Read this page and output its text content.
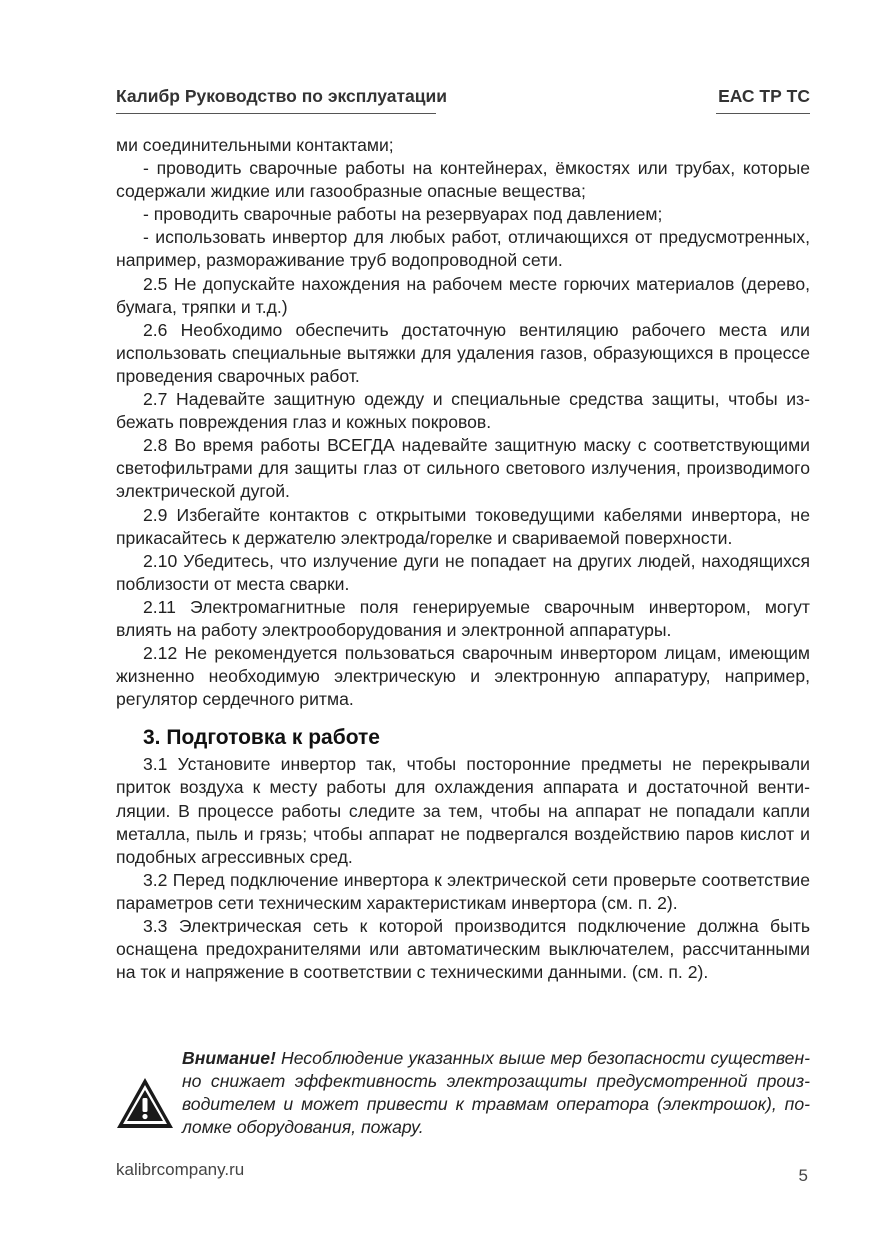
Калибр Руководство по эксплуатации	ЕАС ТР ТС

ми соединительными контактами;

- проводить сварочные работы на контейнерах, ёмкостях или трубах, которые содержали жидкие или газообразные опасные вещества;

- проводить сварочные работы на резервуарах под давлением;

- использовать инвертор для любых работ, отличающихся от предусмотренных, например, размораживание труб водопроводной сети.

2.5 Не допускайте нахождения на рабочем месте горючих материалов (дерево, бумага, тряпки и т.д.)

2.6 Необходимо обеспечить достаточную вентиляцию рабочего места или использовать специальные вытяжки для удаления газов, образующихся в процессе проведения сварочных работ.

2.7 Надевайте защитную одежду и специальные средства защиты, чтобы избежать повреждения глаз и кожных покровов.

2.8 Во время работы ВСЕГДА надевайте защитную маску с соответствующими светофильтрами для защиты глаз от сильного светового излучения, производимого электрической дугой.

2.9 Избегайте контактов с открытыми токоведущими кабелями инвертора, не прикасайтесь к держателю электрода/горелке и свариваемой поверхности.

2.10 Убедитесь, что излучение дуги не попадает на других людей, находящихся поблизости от места сварки.

2.11 Электромагнитные поля генерируемые сварочным инвертором, могут влиять на работу электрооборудования и электронной аппаратуры.

2.12 Не рекомендуется пользоваться сварочным инвертором лицам, имеющим жизненно необходимую электрическую и электронную аппаратуру, например, регулятор сердечного ритма.

3. Подготовка к работе

3.1 Установите инвертор так, чтобы посторонние предметы не перекрывали приток воздуха к месту работы для охлаждения аппарата и достаточной вентиляции. В процессе работы следите за тем, чтобы на аппарат не попадали капли металла, пыль и грязь; чтобы аппарат не подвергался воздействию паров кислот и подобных агрессивных сред.

3.2 Перед подключение инвертора к электрической сети проверьте соответствие параметров сети техническим характеристикам инвертора (см. п. 2).

3.3 Электрическая сеть к которой производится подключение должна быть оснащена предохранителями или автоматическим выключателем, рассчитанными на ток и напряжение в соответствии с техническими данными. (см. п. 2).

Внимание! Несоблюдение указанных выше мер безопасности существенно снижает эффективность электрозащиты предусмотренной производителем и может привести к травмам оператора (электрошок), поломке оборудования, пожару.
kalibrcompany.ru	5
